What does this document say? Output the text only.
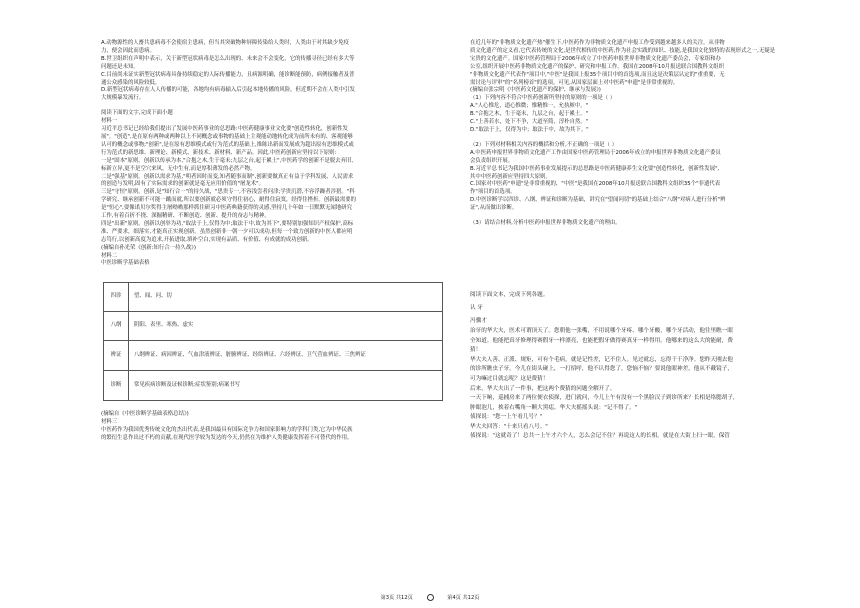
A.动物源性的人畜共患病毒不会使宿主患病，但当其突破物种屏障传染给人类时，人类由于对其缺少免疫

力，便会因此而患病。

B.世卫组织在声明中表示，关于新型冠状病毒是怎么出现的、未来会不会变化，它的传播寻径已经有多大等

问题还是未知。

C.目前尚未证实新型冠状病毒具备持续稳定的人际传播能力，且病源明确，能诊断能预防，病例接触者及普

通公众感染的风险较低。

D.新型冠状病毒存在人人传播的可能，各地均有病毒输入后引起本地传播的风险，但近期不会在人类中引发

大规模暴发流行。

阅读下面的文字,完成下面小题

材料一

习近平总书记已经给我们提出了发展中医药事业的总思路:中医药健康事业文化要"创造性转化，创新性发

展"。"创造",是在原有两种或两种以上不同概念或事物的基础上主观能动地转化成为前所未有的、客观能够

认可的概念或事物;"创新",是在原有思维模式或行为范式的基础上,推陈出新而发展成为超出原有思维模式或

行为范式的新思维、新理论、新模式、新技术、新材料、新产品。因此,中医药创新应坚持以下原则:

一是"固本"原则。创新以传承为本,"合抱之木,生于毫末;九层之台,起于累土",中医药学的创新不是脱去弃旧,

标新立异,更不是空穴来风、无中生有,而是厚积薄发的必然产物。

二是"强基"原则。创新以需求为基,"明者因时而变,知者随事而制",创新要做真正有益于学科发展、人民需求

的创造与发明,固有了实际需求的创新就是毫无应用价值的"屠龙术"。

三是"守恒"原则。创新,是"知行合一"的持久战，"思贵专一,不容浅尝者问津;学贵沉潜,不容浮躁者涉猎。"科

学研究、继承创新不可能一蹴而就,所以要创新就必须守得住初心，耐得住寂寞，经得住挫折。创新最需要的

是"恒心",要像诺贝尔奖得主屠呦呦那样抓住研习中医药典籍获得的灵感,坚持几十年如一日默默无闻地研究

工作,有着百折不挠、深掘精研、不断创造、创新、提升的奋志与精神。

四是"出新"原则。创新以创举为功,"取法于上,仅得为中;取法于中,故为其下",要特别加强知识产权保护,高标

准、严要求，细落实,才能真正实现创新。虽然创新非一朝一夕可以成功,但每一个致力创新的中医人都应明

志笃行,以创新高度为追求,开拓进取,填补空白,实现有品质、有价值、有成就的成功创新。

(摘编自孙光荣《创新:知行合一持久战》)

材料二

中医诊断学基础表格

四诊	望、闻、问、切
八纲	阴阳、表里、寒热、虚实
辨证	八纲辨证、病因辨证、气血津液辨证、脏腑辨证、经络辨证、六经辨证、卫气营血辨证、三焦辨证
诊断	常见疾病诊断及证候诊断;症状鉴别;病案书写

(摘编自《中医诊断学基础表格总结》)

材料三

中医药作为我国优秀传统文化的杰出代表,是我国最具有国际竞争力和国家影响力的学科门类,它为中华民族

的繁衍生息作出过不朽的贡献,在现代医学较为发达的今天,仍然在为维护人类健康发挥着不可替代的作用。

在近几年的"非物质文化遗产热"催生下,中医药作为非物质文化遗产申报工作受到越来越多人的关注。从非物

质文化遗产的定义看,它代表传统的文化,是世代相传的中医药,作为社会实践的知识、技能,是我国文化独特的表现形式之一,无疑是

宝贵的文化遗产。国家中医药管理局于2006年成立了中医药申报世界非物质文化遗产委员会，专家组和办

公室,组织开展中医药非物质文化遗产的保护、研究和申报工作。我国在2008年10月报送联合国教科文组织

"非物质文化遗产代表作"项目中,"中医"是我国上报35个项目中的首选项,而且这是决策层认定的"重重要，无

需讨论与评审"的"名列榜首"的选项。可见,从国家层面上对中医药"申遗"是非常重视的。

(摘编自张宗明《中医药文化遗产的保护、继承与发展》)

（1）下列内容不符合中医药创新所坚持的原则的一项是（ ）

A."人心惟危，道心惟微；惟精惟一，允执厥中。"

B."合抱之木，生于毫末，九层之台，起于累土。"

C."上善若水，处下不争，大道至简，淳朴自然。"

D."取法于上，仅得为中；取法于中，故为其下。"

（2）下列对材料相关内容的概括和分析,不正确的一项是（ ）

A.中医药申报世界非物质文化遗产工作由国家中医药管理局于2006年成立的申报世界非物质文化遗产委员

会负责组织开展。

B.习近平总书记为我国中医药事业发展提示的总思路是中医药健康养生文化要"创造性转化，创新性发展",

其中中医药创新应坚持四大原则。

C.国家对中医药"申遗"是非常重视的，"中医"是我国在2008年10月报送联合国教科文组织35个"非遗代表

作"项目的首选项。

D.中医诊断学以四诊、八纲、辨证和诊断为基础，讲究在"望闻问切"的基础上结合"八纲"对病人进行分析"辨

证",从而做出诊断。

（3）请结合材料,分析中医药申报世界非物质文化遗产的理由。

阅读下面文本，完成下列各题。

认 牙

冯骥才

治牙的华大夫，医术可谓顶天了。您朝他一张嘴，不用说哪个牙疼、哪个牙酸，哪个牙活动，他往里瞧一眼

全知道。他能把真牙修理得赛假牙一样漂亮，也能把假牙做得赛真牙一样得用。他哪来的这么大的能耐，费

猜！

华大夫人善、正派、规矩，可有个毛病，就是记性差，记不住人。见过就忘，忘得干干净净。您昨天刚去他

的诊所瞧虫子牙，今儿在街头碰上，一打招呼，他不认得您了，您恼不恼？要说他眼神差，他从不戴镜子，

可为嘛过目就忘呢？这是费猜！

后来，华大夫出了一件事，把这两个费猜的问题全解开了。

一天下晌，巡捕房来了两位便衣侦探，进门就问，今儿上午有没有一个黑脸汉子到诊所来？长相是络腮胡子，

肿眼泡儿，挨着右嘴角一颗大黑痣。华大夫摇摇头说："记不得了。"

侦探说："您一上午看几号？"

华大夫回答："十来只看八号。"

侦探说："这就奇了！总共一上午才六个人，怎么会记不住？再说这人的长相，就是在大街上扫一眼，保管

第3页 共12页	第4页 共12页
